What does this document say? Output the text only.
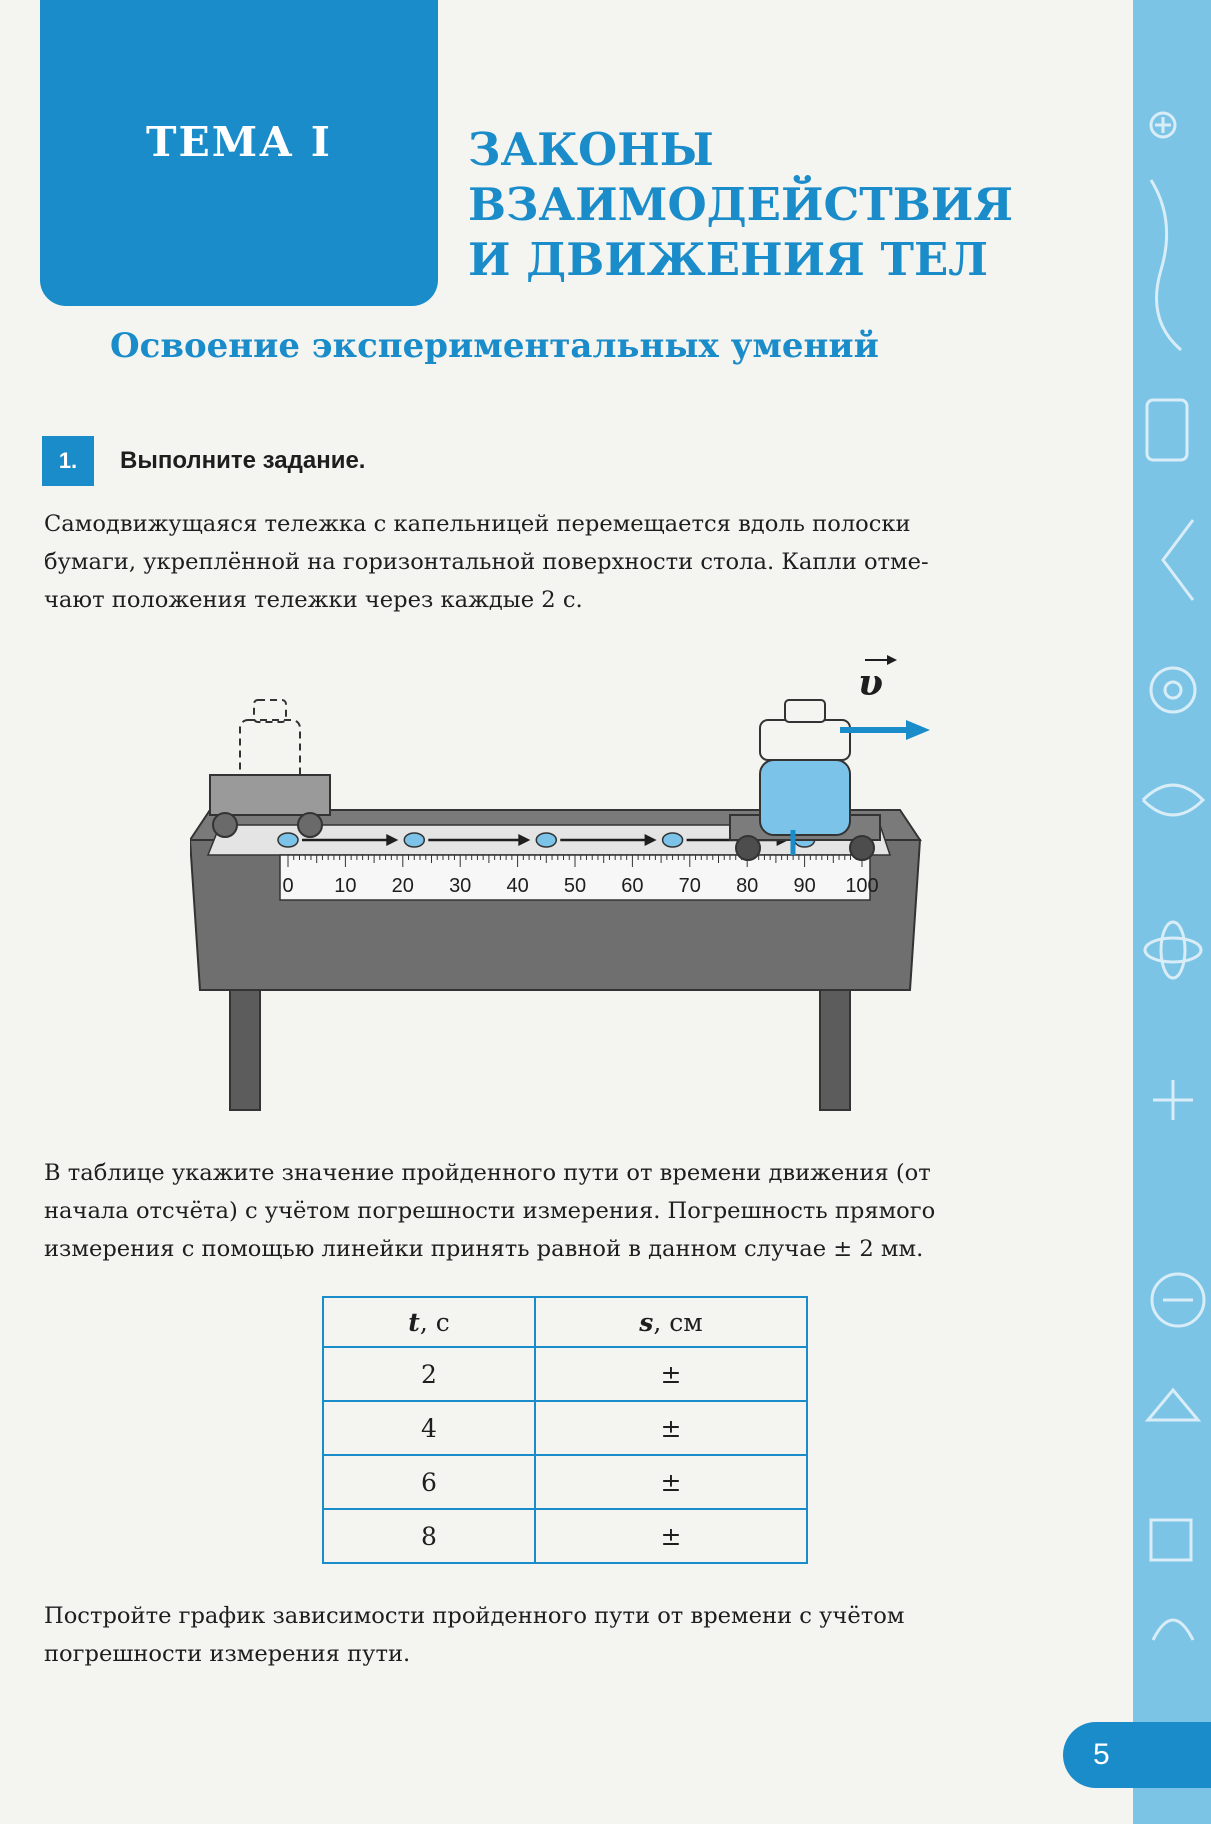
ТЕМА I	ЗАКОНЫ
ВЗАИМОДЕЙСТВИЯ
И ДВИЖЕНИЯ ТЕЛ
Освоение экспериментальных умений
1.	Выполните задание.

Самодвижущаяся тележка с капельницей перемещается вдоль полоски
бумаги, укреплённой на горизонтальной поверхности стола. Капли отме-
чают положения тележки через каждые 2 с.

0 10 20 30 40 50 60 70 80 90 100
υ

В таблице укажите значение пройденного пути от времени движения (от
начала отсчёта) с учётом погрешности измерения. Погрешность прямого
измерения с помощью линейки принять равной в данном случае ± 2 мм.

t, с	s, см
2	±
4	±
6	±
8	±

Постройте график зависимости пройденного пути от времени с учётом
погрешности измерения пути.

5
